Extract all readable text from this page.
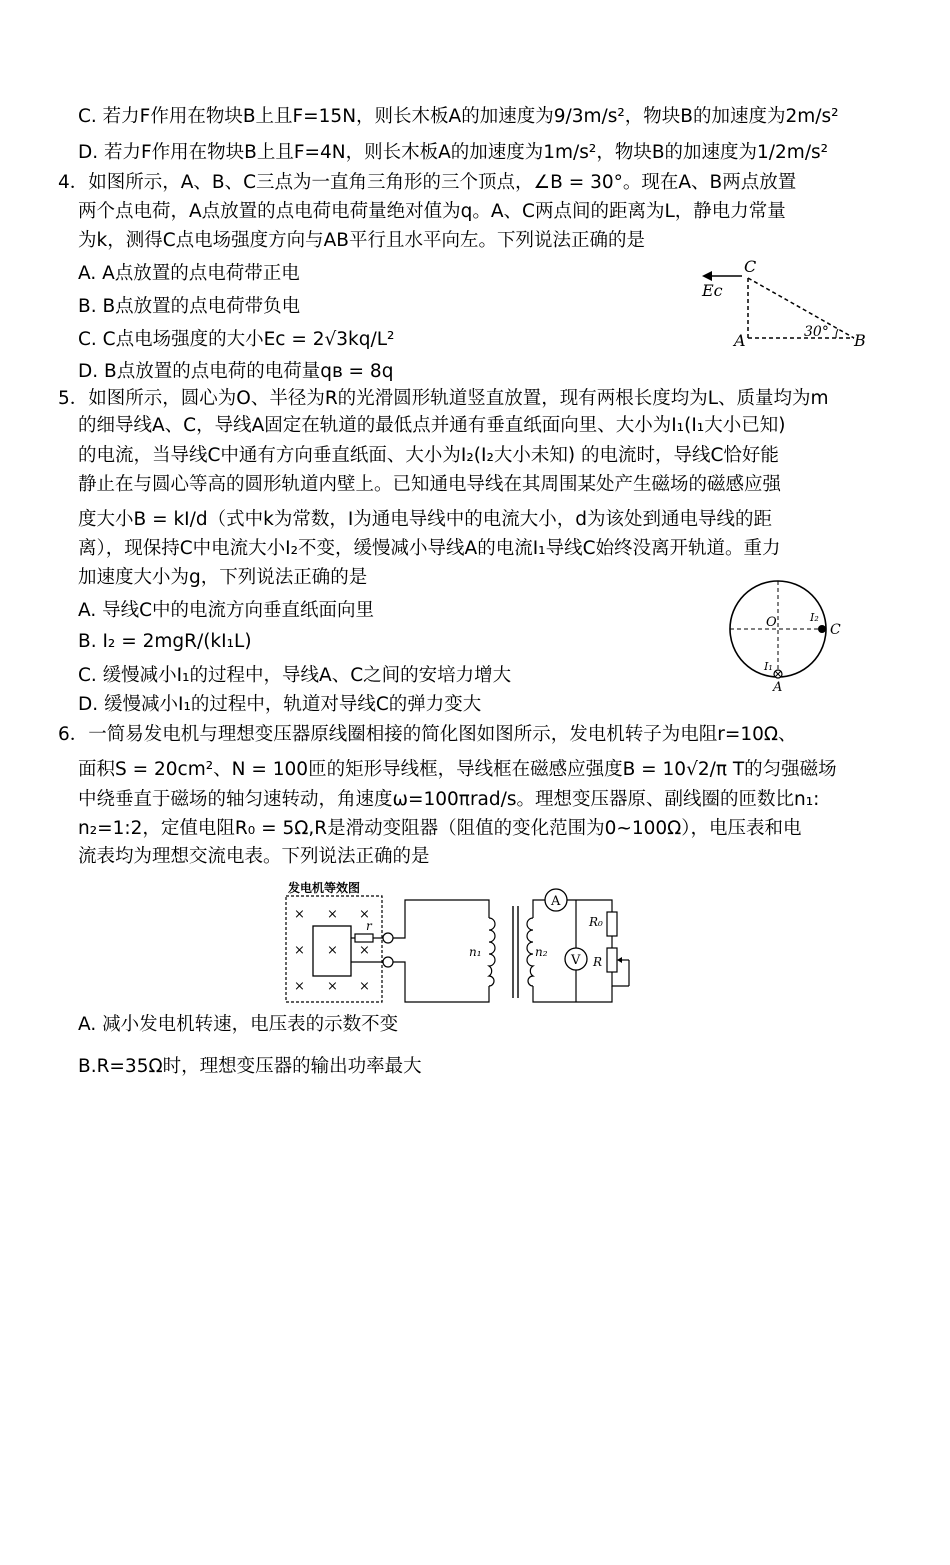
C. 若力F作用在物块B上且F=15N，则长木板A的加速度为9/3m/s²，物块B的加速度为2m/s²
D. 若力F作用在物块B上且F=4N，则长木板A的加速度为1m/s²，物块B的加速度为1/2m/s²
4．如图所示，A、B、C三点为一直角三角形的三个顶点，∠B = 30°。现在A、B两点放置
两个点电荷，A点放置的点电荷电荷量绝对值为q。A、C两点间的距离为L，静电力常量
为k，测得C点电场强度方向与AB平行且水平向左。下列说法正确的是
A. A点放置的点电荷带正电
B. B点放置的点电荷带负电
C. C点电场强度的大小Eᴄ = 2√3kq/L²
D. B点放置的点电荷的电荷量qʙ = 8q
Ec
C
30°
A	B
5．如图所示，圆心为O、半径为R的光滑圆形轨道竖直放置，现有两根长度均为L、质量均为m
的细导线A、C，导线A固定在轨道的最低点并通有垂直纸面向里、大小为I₁(I₁大小已知)
的电流，当导线C中通有方向垂直纸面、大小为I₂(I₂大小未知) 的电流时，导线C恰好能
静止在与圆心等高的圆形轨道内壁上。已知通电导线在其周围某处产生磁场的磁感应强
度大小B = kI/d（式中k为常数，I为通电导线中的电流大小，d为该处到通电导线的距
离），现保持C中电流大小I₂不变，缓慢减小导线A的电流I₁导线C始终没离开轨道。重力
加速度大小为g，下列说法正确的是
A. 导线C中的电流方向垂直纸面向里
B. I₂ = 2mgR/(kI₁L)
C. 缓慢减小I₁的过程中，导线A、C之间的安培力增大
D. 缓慢减小I₁的过程中，轨道对导线C的弹力变大
O	C
I₂
I₁
A
6．一简易发电机与理想变压器原线圈相接的简化图如图所示，发电机转子为电阻r=10Ω、
面积S = 20cm²、N = 100匝的矩形导线框，导线框在磁感应强度B = 10√2/π T的匀强磁场
中绕垂直于磁场的轴匀速转动，角速度ω=100πrad/s。理想变压器原、副线圈的匝数比n₁:
n₂=1:2，定值电阻R₀ = 5Ω,R是滑动变阻器（阻值的变化范围为0~100Ω），电压表和电
流表均为理想交流电表。下列说法正确的是
发电机等效图
× × ×
× × ×
× × ×
r
n₁	n₂
A
V
R₀
R
A. 减小发电机转速，电压表的示数不变
B.R=35Ω时，理想变压器的输出功率最大
